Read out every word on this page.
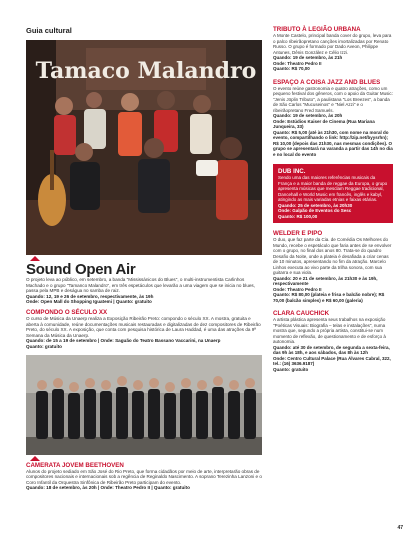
Guia cultural
Tamaco Malandro
Sound Open Air
O projeto leva ao público, em setembro, a banda "Mississánicos do Blues", o multi-instrumentista Carlinhos Machado e o grupo "Tamanco Malandro", em três espetáculos que levarão a uma viagem que se inicia no blues, passa pela MPB e deságua no samba de raiz.
Quando: 12, 19 e 26 de setembro, respectivamente, às 19h
Onde: Open Mall do Shopping Iguatemi | Quanto: gratuito
COMPONDO O SÉCULO XX
O curso de Música da Unaerp realiza a Exposição Ribeirão Preto: compondo o século XX. A mostra, gratuita e aberta à comunidade, reúne documentações musicais restauradas e digitalizadas de dez compositores de Ribeirão Preto, do século XX. A exposição, que conta com pesquisa histórica de Laura Haddad, é uma das atrações da 9ª Semana da Música da Unaerp.
Quando: de 15 a 19 de setembro | Onde: Saguão do Teatro Bassano Vaccarini, na Unaerp
Quanto: gratuito
CAMERATA JOVEM BEETHOVEN
Alunos do projeto sediado em São José do Rio Preto, que forma cidadãos por meio de arte, interpretarão obras de compositores nacionais e internacionais sob a regência de Reginaldo Nascimento. A soprano Terezinha Lanzoni e o Coro Infantil da Orquestra Sinfônica de Ribeirão Preto participam do evento.
Quando: 18 de setembro, às 20h | Onde: Theatro Pedro II | Quanto: gratuito
TRIBUTO À LEGIÃO URBANA
A Monte Castelo, principal banda cover do grupo, leva para o palco ribeirãopretano canções imortalizadas por Renato Russo. O grupo é formado por Dado Aveon, Philippe Antunes, Dênis González e Célio Izzi.
Quando: 19 de setembro, às 21h
Onde: Theatro Pedro II
Quanto: R$ 70,00
ESPAÇO A COISA JAZZ AND BLUES
O evento reúne gastronomia e quatro atrações, como um pequeno festival dos gêneros, com o apoio da Guitar Music: "Jenis Jöplin Tributo", a paulistana "Los Breezes", a banda de São Carlos "Mucuseinos" e "Niel Azzi" e o ribeirãopretano Fred Samuels.
Quando: 19 de setembro, às 20h
Onde: Estúdios Kaiser de Cinema (Rua Mariana Junqueira, 33)
Quanto: R$ 5,00 (até às 21h30, com nome na moral do evento, compartilhando o link: http://zip.net/byysrhn); R$ 10,00 (depois das 21h30, nas mesmas condições). O grupo se apresentará na varanda a partir das 14h no dia e no local do evento
DUB INC.
Sendo uma das maiores referências musicais da França e a maior banda de reggae da Europa, o grupo apresenta músicas que mesclam Reggae tradicional, Dancehall e World Music em francês, inglês e kabyl, atingindo as mais variadas etnias e faixas etárias.
Quando: 25 de setembro, às 20h30
Onde: Galpão de Eventos do Sesc
Quanto: R$ 100,00
WELDER E PIPO
O duo, que faz parte da Cia. de Comédia Os Melhores do Mundo, recebe o espetáculo que faria antes de se envolver com o grupo, no final dos anos 80. Trata-se do quadro Desafio da Noite, onde a plateia é desafiada a criar cenas de 10 minutos, apresentando no fim da atração. Marcelo Linhos executa ao vivo parte da trilha sonora, com sua guitarra e sua viola.
Quando: 20 e 21 de setembro, às 21h30 e às 19h, respectivamente
Onde: Theatro Pedro II
Quanto: R$ 80,00 (plateia e frisa e balcão nobre); R$ 70,00 (balcão simples) e R$ 60,00 (galeria)
CLARA CAUCHICK
A artista plástica apresenta seus trabalhos na exposição "Poéticas Visuais: Biografia – telas e instalações", numa mostra que, segundo a própria artista, constitui-se num momento de reflexão, de questionamento e de esforço à autonomia.
Quando: até 30 de setembro, de segunda a sexta-feira, das 9h às 18h, e aos sábados, das 8h às 12h
Onde: Centro Cultural Palace (Rua Álvares Cabral, 322, tel.: (16) 3636.9187)
Quanto: gratuito
47
